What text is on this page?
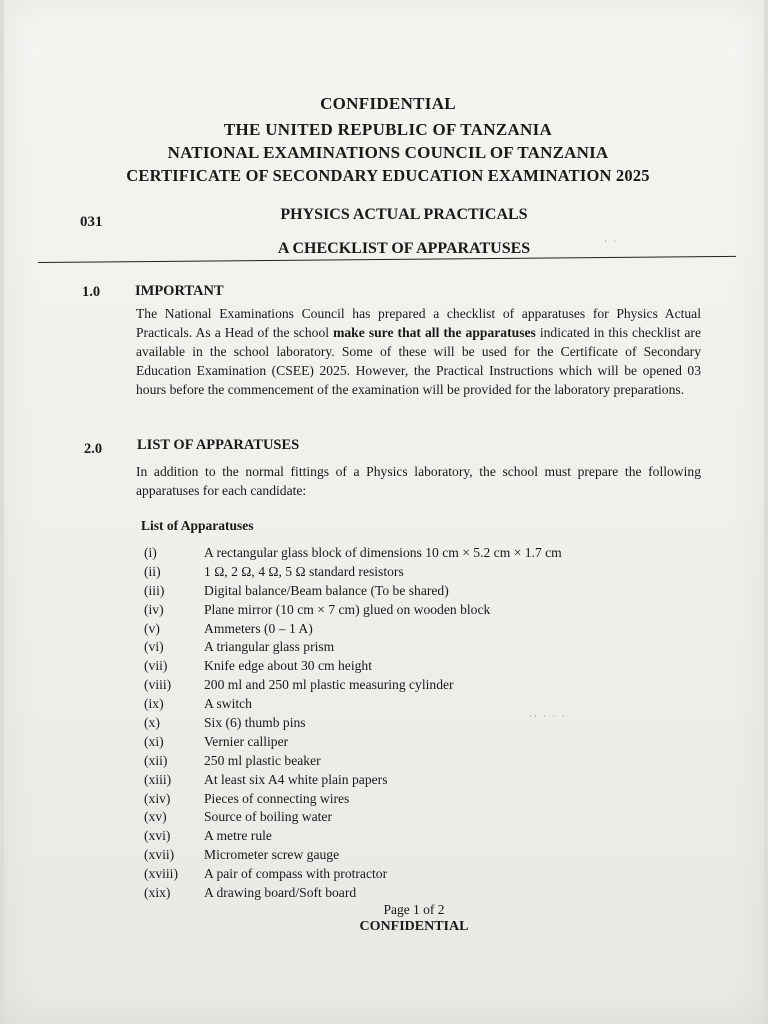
CONFIDENTIAL
THE UNITED REPUBLIC OF TANZANIA
NATIONAL EXAMINATIONS COUNCIL OF TANZANIA
CERTIFICATE OF SECONDARY EDUCATION EXAMINATION 2025
031	PHYSICS ACTUAL PRACTICALS
A CHECKLIST OF APPARATUSES
1.0 IMPORTANT
The National Examinations Council has prepared a checklist of apparatuses for Physics Actual Practicals. As a Head of the school make sure that all the apparatuses indicated in this checklist are available in the school laboratory. Some of these will be used for the Certificate of Secondary Education Examination (CSEE) 2025. However, the Practical Instructions which will be opened 03 hours before the commencement of the examination will be provided for the laboratory preparations.
2.0 LIST OF APPARATUSES
In addition to the normal fittings of a Physics laboratory, the school must prepare the following apparatuses for each candidate:
List of Apparatuses
(i)	A rectangular glass block of dimensions 10 cm × 5.2 cm × 1.7 cm
(ii)	1 Ω, 2 Ω, 4 Ω, 5 Ω standard resistors
(iii)	Digital balance/Beam balance (To be shared)
(iv)	Plane mirror (10 cm × 7 cm) glued on wooden block
(v)	Ammeters (0 – 1 A)
(vi)	A triangular glass prism
(vii)	Knife edge about 30 cm height
(viii) 200 ml and 250 ml plastic measuring cylinder
(ix)	A switch
(x)	Six (6) thumb pins
(xi)	Vernier calliper
(xii)	250 ml plastic beaker
(xiii) At least six A4 white plain papers
(xiv) Pieces of connecting wires
(xv)	Source of boiling water
(xvi) A metre rule
(xvii) Micrometer screw gauge
(xviii) A pair of compass with protractor
(xix) A drawing board/Soft board
Page 1 of 2
CONFIDENTIAL
· ·
·· · · ·
